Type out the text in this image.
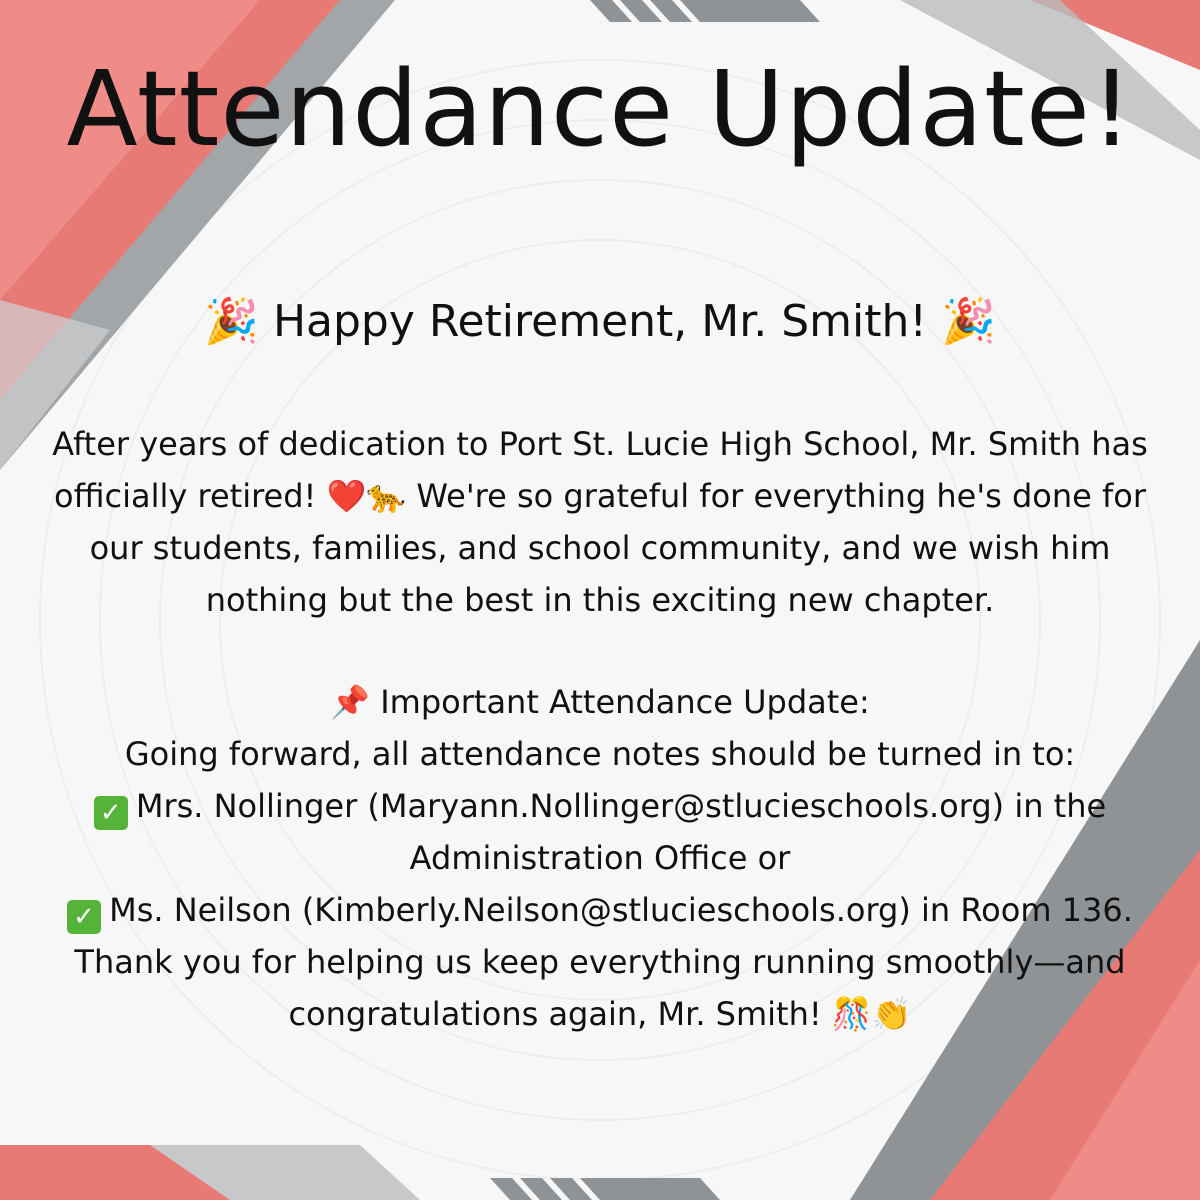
Attendance Update!
🎉 Happy Retirement, Mr. Smith! 🎉

After years of dedication to Port St. Lucie High School, Mr. Smith has officially retired! ❤️🐆 We're so grateful for everything he's done for our students, families, and school community, and we wish him nothing but the best in this exciting new chapter.

📌 Important Attendance Update:
Going forward, all attendance notes should be turned in to:
✓ Mrs. Nollinger (Maryann.Nollinger@stlucieschools.org) in the Administration Office or
✓ Ms. Neilson (Kimberly.Neilson@stlucieschools.org) in Room 136.
Thank you for helping us keep everything running smoothly—and congratulations again, Mr. Smith! 🎊👏
